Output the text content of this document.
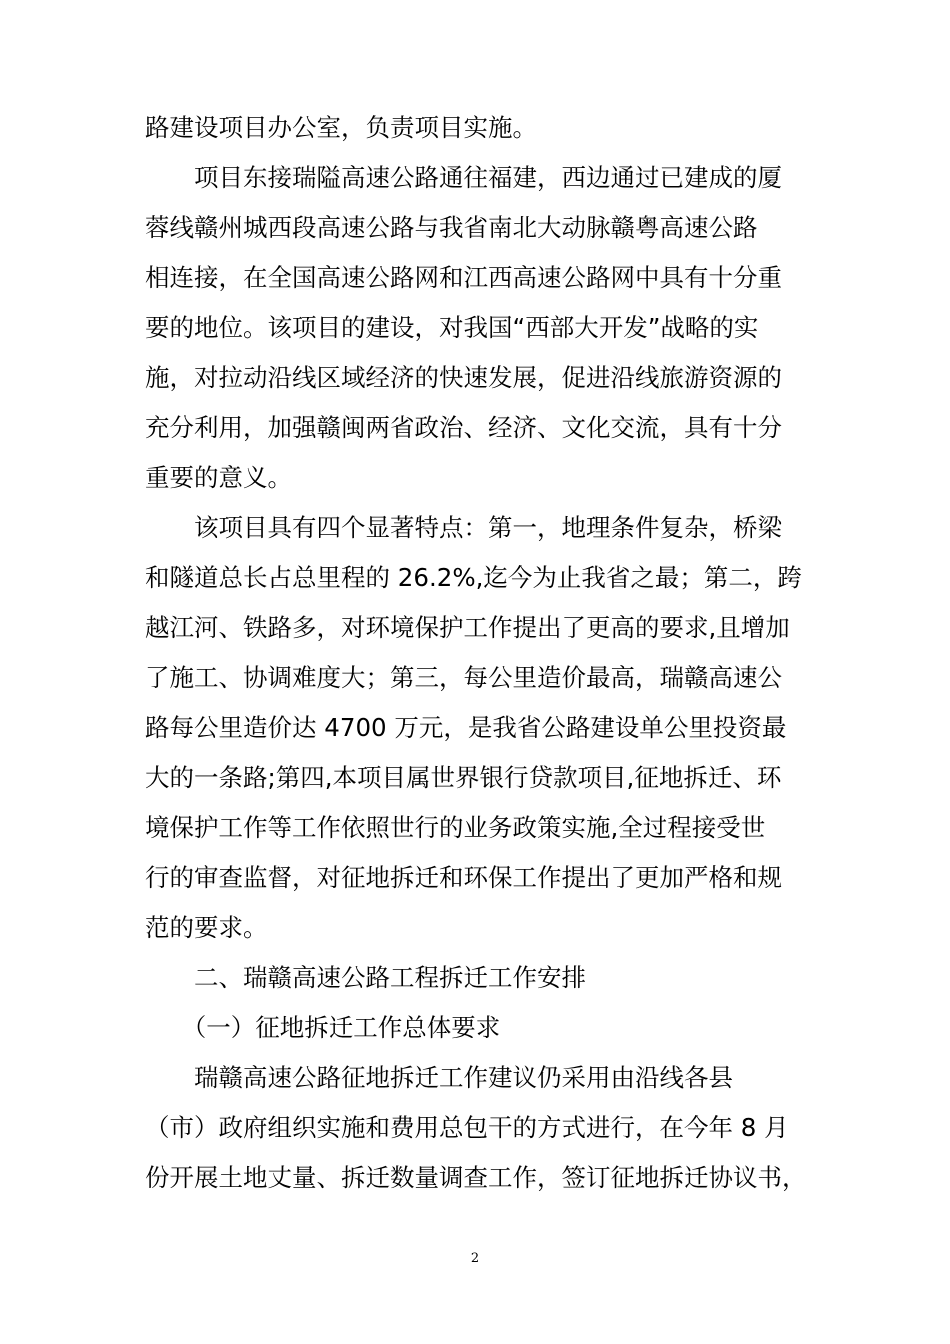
路建设项目办公室，负责项目实施。
　　项目东接瑞隘高速公路通往福建，西边通过已建成的厦
蓉线赣州城西段高速公路与我省南北大动脉赣粤高速公路
相连接，在全国高速公路网和江西高速公路网中具有十分重
要的地位。该项目的建设，对我国“西部大开发”战略的实
施，对拉动沿线区域经济的快速发展，促进沿线旅游资源的
充分利用，加强赣闽两省政治、经济、文化交流，具有十分
重要的意义。
　　该项目具有四个显著特点：第一，地理条件复杂，桥梁
和隧道总长占总里程的 26.2%,迄今为止我省之最；第二，跨
越江河、铁路多，对环境保护工作提出了更高的要求,且增加
了施工、协调难度大；第三，每公里造价最高，瑞赣高速公
路每公里造价达 4700 万元，是我省公路建设单公里投资最
大的一条路;第四,本项目属世界银行贷款项目,征地拆迁、环
境保护工作等工作依照世行的业务政策实施,全过程接受世
行的审查监督，对征地拆迁和环保工作提出了更加严格和规
范的要求。
　　二、瑞赣高速公路工程拆迁工作安排
　　（一）征地拆迁工作总体要求
　　瑞赣高速公路征地拆迁工作建议仍采用由沿线各县
（市）政府组织实施和费用总包干的方式进行，在今年 8 月
份开展土地丈量、拆迁数量调查工作，签订征地拆迁协议书，
2
